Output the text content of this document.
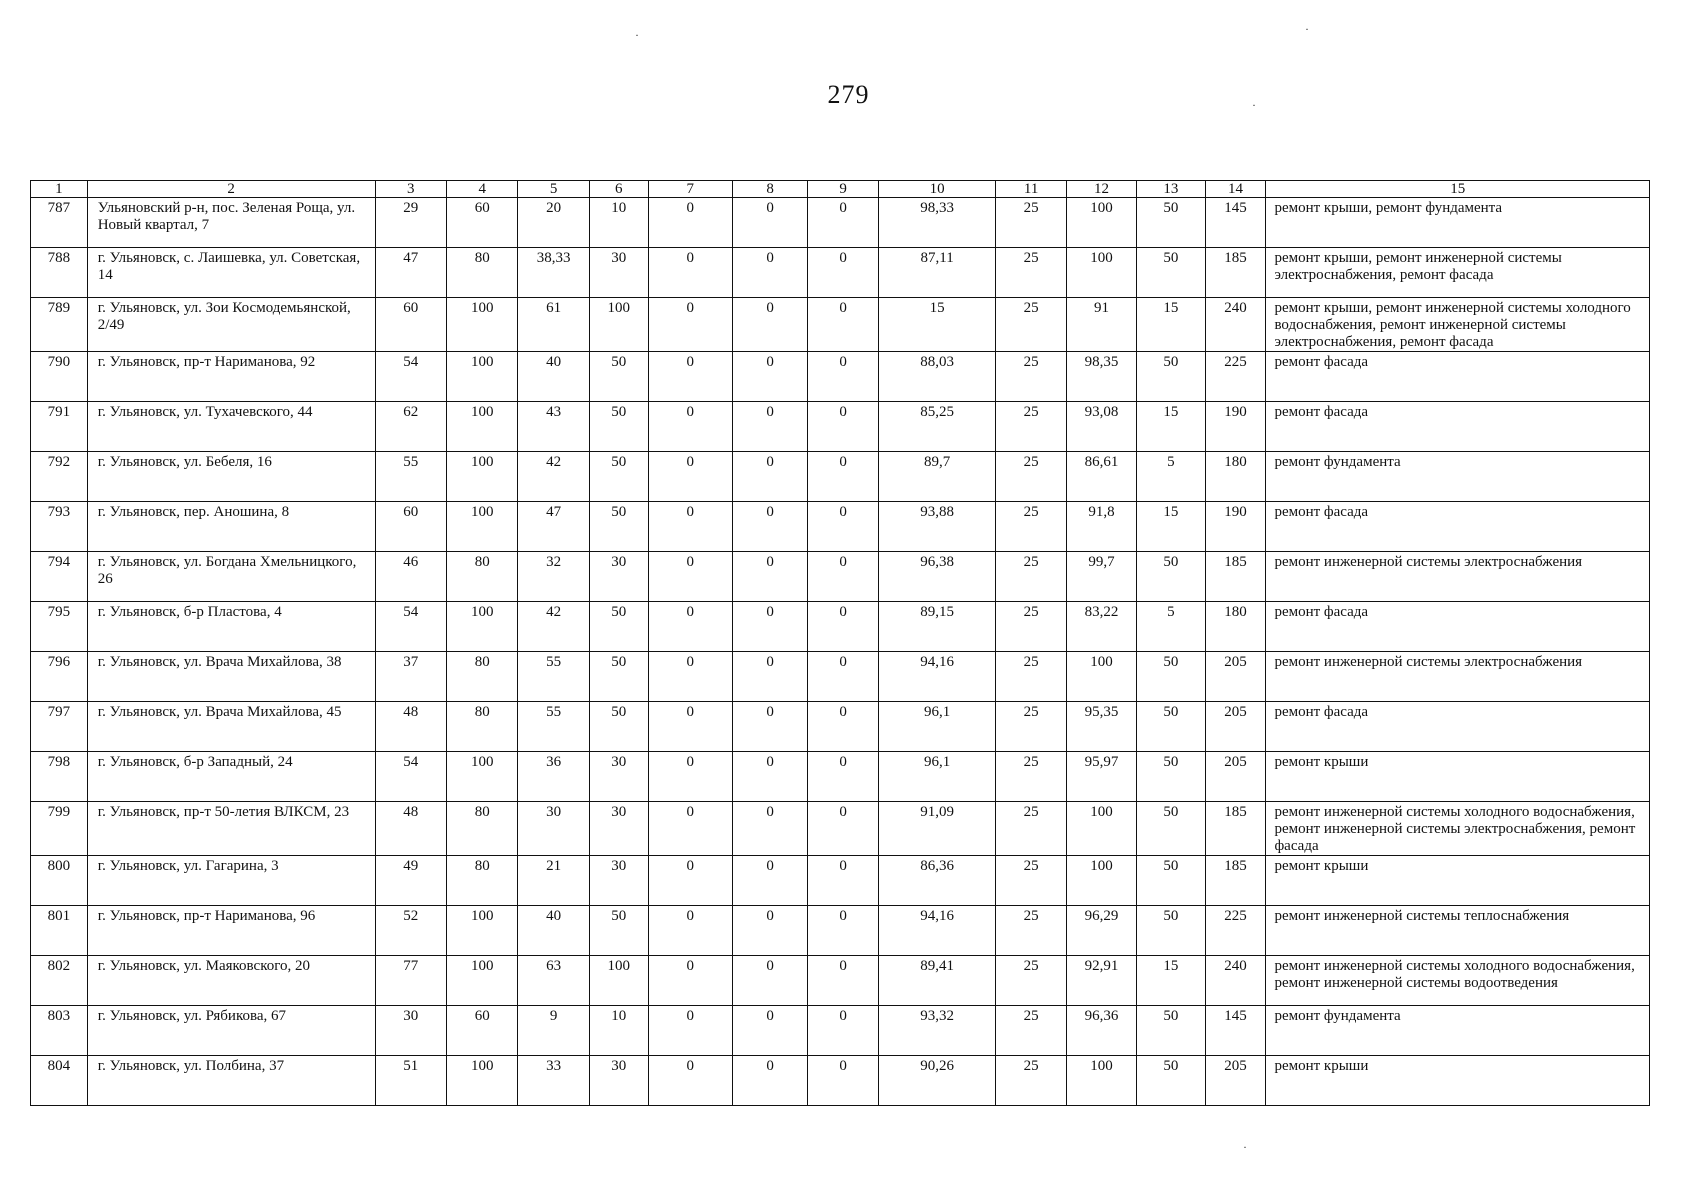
279
1	2	3	4	5	6	7	8	9	10	11	12	13	14	15
787	Ульяновский р-н, пос. Зеленая Роща, ул. Новый квартал, 7	29	60	20	10	0	0	0	98,33	25	100	50	145	ремонт крыши, ремонт фундамента
788	г. Ульяновск, с. Лаишевка, ул. Советская, 14	47	80	38,33	30	0	0	0	87,11	25	100	50	185	ремонт крыши, ремонт инженерной системы электроснабжения, ремонт фасада
789	г. Ульяновск, ул. Зои Космодемьянской, 2/49	60	100	61	100	0	0	0	15	25	91	15	240	ремонт крыши, ремонт инженерной системы холодного водоснабжения, ремонт инженерной системы электроснабжения, ремонт фасада
790	г. Ульяновск, пр-т Нариманова, 92	54	100	40	50	0	0	0	88,03	25	98,35	50	225	ремонт фасада
791	г. Ульяновск, ул. Тухачевского, 44	62	100	43	50	0	0	0	85,25	25	93,08	15	190	ремонт фасада
792	г. Ульяновск, ул. Бебеля, 16	55	100	42	50	0	0	0	89,7	25	86,61	5	180	ремонт фундамента
793	г. Ульяновск, пер. Аношина, 8	60	100	47	50	0	0	0	93,88	25	91,8	15	190	ремонт фасада
794	г. Ульяновск, ул. Богдана Хмельницкого, 26	46	80	32	30	0	0	0	96,38	25	99,7	50	185	ремонт инженерной системы электроснабжения
795	г. Ульяновск, б-р Пластова, 4	54	100	42	50	0	0	0	89,15	25	83,22	5	180	ремонт фасада
796	г. Ульяновск, ул. Врача Михайлова, 38	37	80	55	50	0	0	0	94,16	25	100	50	205	ремонт инженерной системы электроснабжения
797	г. Ульяновск, ул. Врача Михайлова, 45	48	80	55	50	0	0	0	96,1	25	95,35	50	205	ремонт фасада
798	г. Ульяновск, б-р Западный, 24	54	100	36	30	0	0	0	96,1	25	95,97	50	205	ремонт крыши
799	г. Ульяновск, пр-т 50-летия ВЛКСМ, 23	48	80	30	30	0	0	0	91,09	25	100	50	185	ремонт инженерной системы холодного водоснабжения, ремонт инженерной системы электроснабжения, ремонт фасада
800	г. Ульяновск, ул. Гагарина, 3	49	80	21	30	0	0	0	86,36	25	100	50	185	ремонт крыши
801	г. Ульяновск, пр-т Нариманова, 96	52	100	40	50	0	0	0	94,16	25	96,29	50	225	ремонт инженерной системы теплоснабжения
802	г. Ульяновск, ул. Маяковского, 20	77	100	63	100	0	0	0	89,41	25	92,91	15	240	ремонт инженерной системы холодного водоснабжения, ремонт инженерной системы водоотведения
803	г. Ульяновск, ул. Рябикова, 67	30	60	9	10	0	0	0	93,32	25	96,36	50	145	ремонт фундамента
804	г. Ульяновск, ул. Полбина, 37	51	100	33	30	0	0	0	90,26	25	100	50	205	ремонт крыши
·	·
·
·
